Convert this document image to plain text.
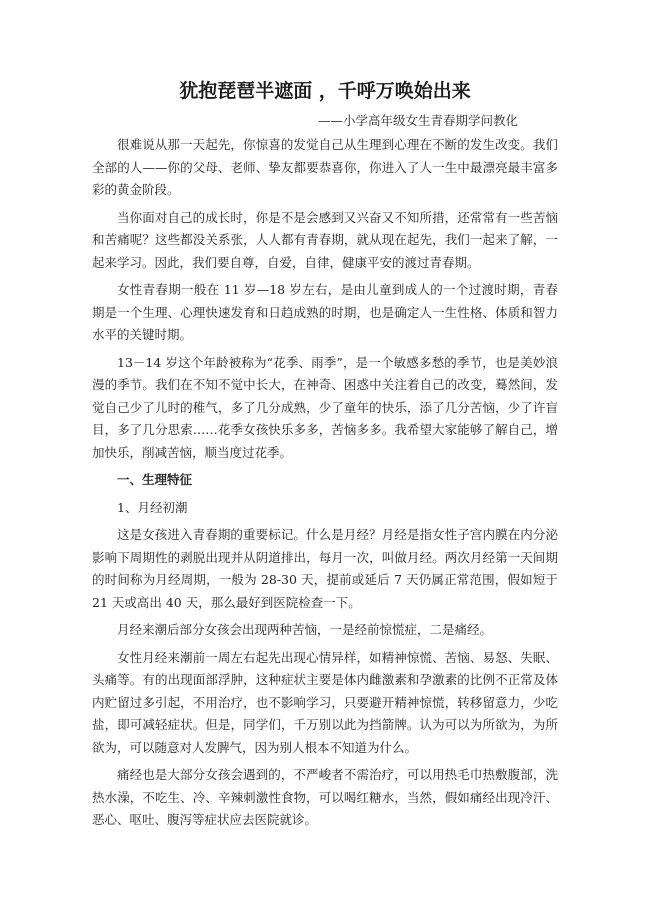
犹抱琵琶半遮面 ，千呼万唤始出来
——小学高年级女生青春期学问教化

很难说从那一天起先，你惊喜的发觉自己从生理到心理在不断的发生改变。我们全部的人——你的父母、老师、挚友都要恭喜你，你进入了人一生中最漂亮最丰富多彩的黄金阶段。

当你面对自己的成长时，你是不是会感到又兴奋又不知所措，还常常有一些苦恼和苦痛呢？这些都没关系张，人人都有青春期，就从现在起先，我们一起来了解，一起来学习。因此，我们要自尊，自爱，自律，健康平安的渡过青春期。

女性青春期一般在 11 岁—18 岁左右，是由儿童到成人的一个过渡时期，青春期是一个生理、心理快速发育和日趋成熟的时期，也是确定人一生性格、体质和智力水平的关键时期。

13－14 岁这个年龄被称为“花季、雨季”，是一个敏感多愁的季节，也是美妙浪漫的季节。我们在不知不觉中长大，在神奇、困惑中关注着自己的改变，蓦然间，发觉自己少了儿时的稚气，多了几分成熟，少了童年的快乐，添了几分苦恼，少了许盲目，多了几分思索……花季女孩快乐多多，苦恼多多。我希望大家能够了解自己，增加快乐，削减苦恼，顺当度过花季。

一、生理特征

1、月经初潮

这是女孩进入青春期的重要标记。什么是月经？月经是指女性子宫内膜在内分泌影响下周期性的剥脱出现并从阴道排出，每月一次，叫做月经。两次月经第一天间期的时间称为月经周期，一般为 28-30 天，提前或延后 7 天仍属正常范围，假如短于 21 天或高出 40 天，那么最好到医院检查一下。

月经来潮后部分女孩会出现两种苦恼，一是经前惊慌症，二是痛经。

女性月经来潮前一周左右起先出现心情异样，如精神惊慌、苦恼、易怒、失眠、头痛等。有的出现面部浮肿，这种症状主要是体内雌激素和孕激素的比例不正常及体内贮留过多引起，不用治疗，也不影响学习，只要避开精神惊慌，转移留意力，少吃盐，即可减轻症状。但是，同学们，千万别以此为挡箭牌。认为可以为所欲为，为所欲为，可以随意对人发脾气，因为别人根本不知道为什么。

痛经也是大部分女孩会遇到的，不严峻者不需治疗，可以用热毛巾热敷腹部，洗热水澡，不吃生、冷、辛辣刺激性食物，可以喝红糖水，当然，假如痛经出现冷汗、恶心、呕吐、腹泻等症状应去医院就诊。
